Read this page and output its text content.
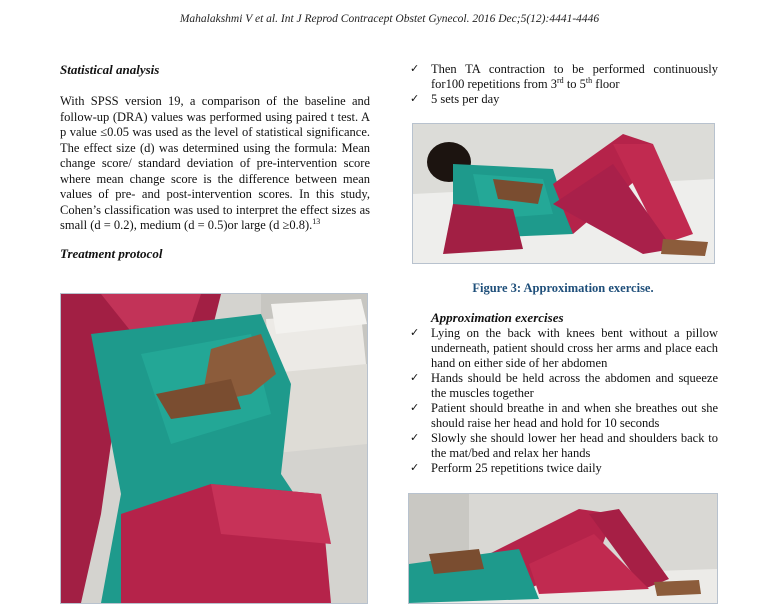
Mahalakshmi V et al. Int J Reprod Contracept Obstet Gynecol. 2016 Dec;5(12):4441-4446

Statistical analysis

With SPSS version 19, a comparison of the baseline and follow-up (DRA) values was performed using paired t test. A p value ≤0.05 was used as the level of statistical significance. The effect size (d) was determined using the formula: Mean change score/ standard deviation of pre-intervention score where mean change score is the difference between mean values of pre- and post-intervention scores. In this study, Cohen’s classification was used to interpret the effect sizes as small (d = 0.2), medium (d = 0.5)or large (d ≥0.8).$^{13}$

Treatment protocol

✓ Then TA contraction to be performed continuously for100 repetitions from 3rd to 5th floor
✓ 5 sets per day
Figure 3: Approximation exercise.

Approximation exercises

✓ Lying on the back with knees bent without a pillow underneath, patient should cross her arms and place each hand on either side of her abdomen
✓ Hands should be held across the abdomen and squeeze the muscles together
✓ Patient should breathe in and when she breathes out she should raise her head and hold for 10 seconds
✓ Slowly she should lower her head and shoulders back to the mat/bed and relax her hands
✓ Perform 25 repetitions twice daily
